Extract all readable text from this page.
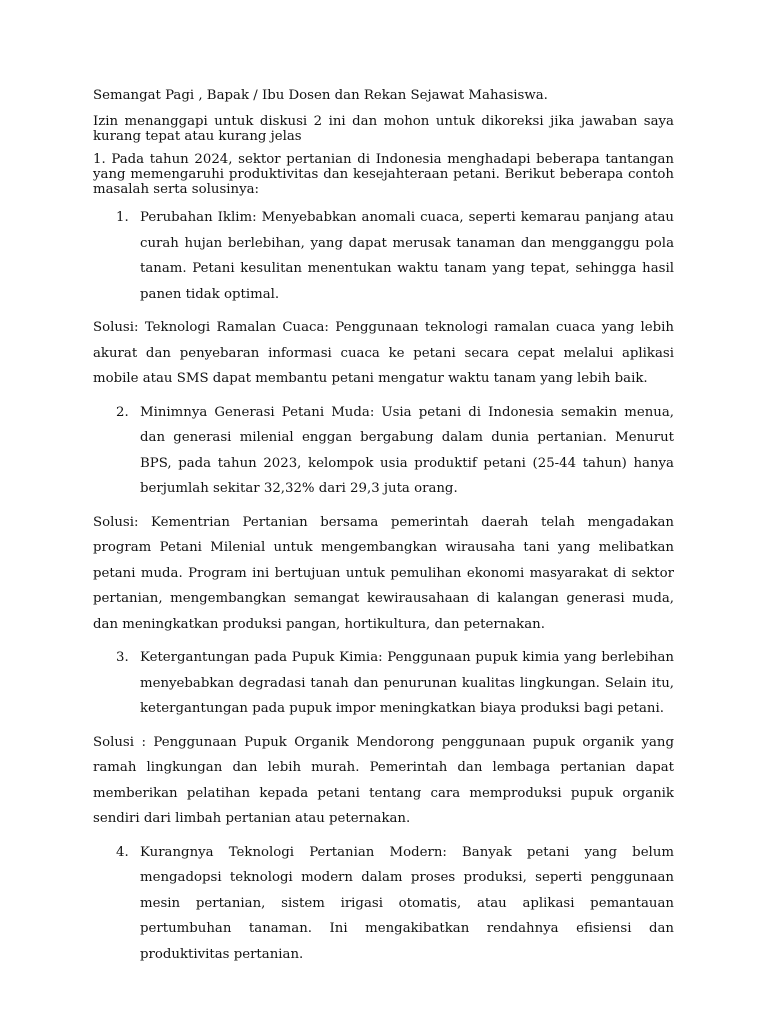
Semangat Pagi , Bapak / Ibu Dosen dan Rekan Sejawat Mahasiswa.

Izin menanggapi untuk diskusi 2 ini dan mohon untuk dikoreksi jika jawaban saya kurang tepat atau kurang jelas

1. Pada tahun 2024, sektor pertanian di Indonesia menghadapi beberapa tantangan yang memengaruhi produktivitas dan kesejahteraan petani. Berikut beberapa contoh masalah serta solusinya:

1. Perubahan Iklim: Menyebabkan anomali cuaca, seperti kemarau panjang atau curah hujan berlebihan, yang dapat merusak tanaman dan mengganggu pola tanam. Petani kesulitan menentukan waktu tanam yang tepat, sehingga hasil panen tidak optimal.

Solusi: Teknologi Ramalan Cuaca: Penggunaan teknologi ramalan cuaca yang lebih akurat dan penyebaran informasi cuaca ke petani secara cepat melalui aplikasi mobile atau SMS dapat membantu petani mengatur waktu tanam yang lebih baik.

2. Minimnya Generasi Petani Muda: Usia petani di Indonesia semakin menua, dan generasi milenial enggan bergabung dalam dunia pertanian. Menurut BPS, pada tahun 2023, kelompok usia produktif petani (25-44 tahun) hanya berjumlah sekitar 32,32% dari 29,3 juta orang.

Solusi: Kementrian Pertanian bersama pemerintah daerah telah mengadakan program Petani Milenial untuk mengembangkan wirausaha tani yang melibatkan petani muda. Program ini bertujuan untuk pemulihan ekonomi masyarakat di sektor pertanian, mengembangkan semangat kewirausahaan di kalangan generasi muda, dan meningkatkan produksi pangan, hortikultura, dan peternakan.

3. Ketergantungan pada Pupuk Kimia: Penggunaan pupuk kimia yang berlebihan menyebabkan degradasi tanah dan penurunan kualitas lingkungan. Selain itu, ketergantungan pada pupuk impor meningkatkan biaya produksi bagi petani.

Solusi : Penggunaan Pupuk Organik Mendorong penggunaan pupuk organik yang ramah lingkungan dan lebih murah. Pemerintah dan lembaga pertanian dapat memberikan pelatihan kepada petani tentang cara memproduksi pupuk organik sendiri dari limbah pertanian atau peternakan.

4. Kurangnya Teknologi Pertanian Modern: Banyak petani yang belum mengadopsi teknologi modern dalam proses produksi, seperti penggunaan mesin pertanian, sistem irigasi otomatis, atau aplikasi pemantauan pertumbuhan tanaman. Ini mengakibatkan rendahnya efisiensi dan produktivitas pertanian.
